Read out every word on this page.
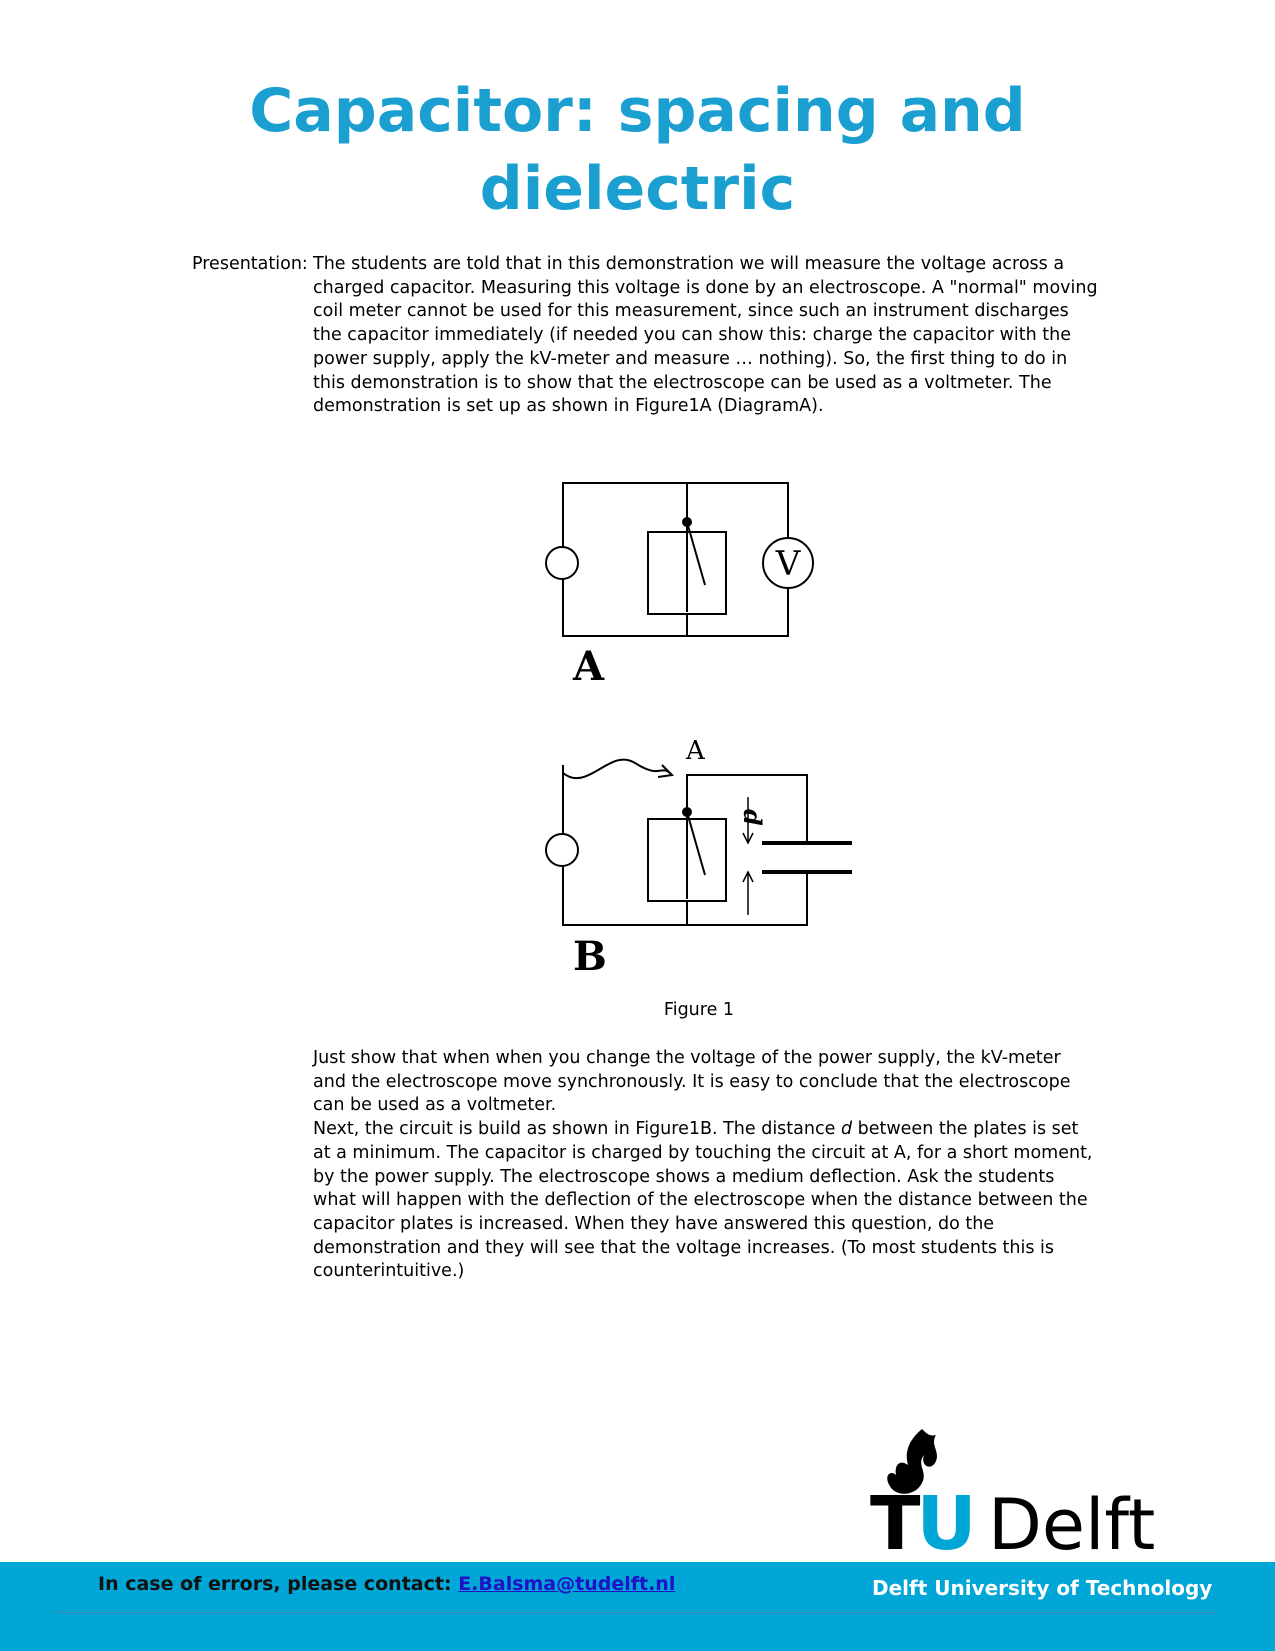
Capacitor: spacing and
dielectric
Presentation: The students are told that in this demonstration we will measure the voltage across a
charged capacitor. Measuring this voltage is done by an electroscope. A "normal" moving
coil meter cannot be used for this measurement, since such an instrument discharges
the capacitor immediately (if needed you can show this: charge the capacitor with the
power supply, apply the kV-meter and measure … nothing). So, the first thing to do in
this demonstration is to show that the electroscope can be used as a voltmeter. The
demonstration is set up as shown in Figure1A (DiagramA).
V
A
A
d
B
Figure 1
Just show that when when you change the voltage of the power supply, the kV-meter
and the electroscope move synchronously. It is easy to conclude that the electroscope
can be used as a voltmeter.
Next, the circuit is build as shown in Figure1B. The distance d between the plates is set
at a minimum. The capacitor is charged by touching the circuit at A, for a short moment,
by the power supply. The electroscope shows a medium deflection. Ask the students
what will happen with the deflection of the electroscope when the distance between the
capacitor plates is increased. When they have answered this question, do the
demonstration and they will see that the voltage increases. (To most students this is
counterintuitive.)
TU Delft
In case of errors, please contact: E.Balsma@tudelft.nl	Delft University of Technology
